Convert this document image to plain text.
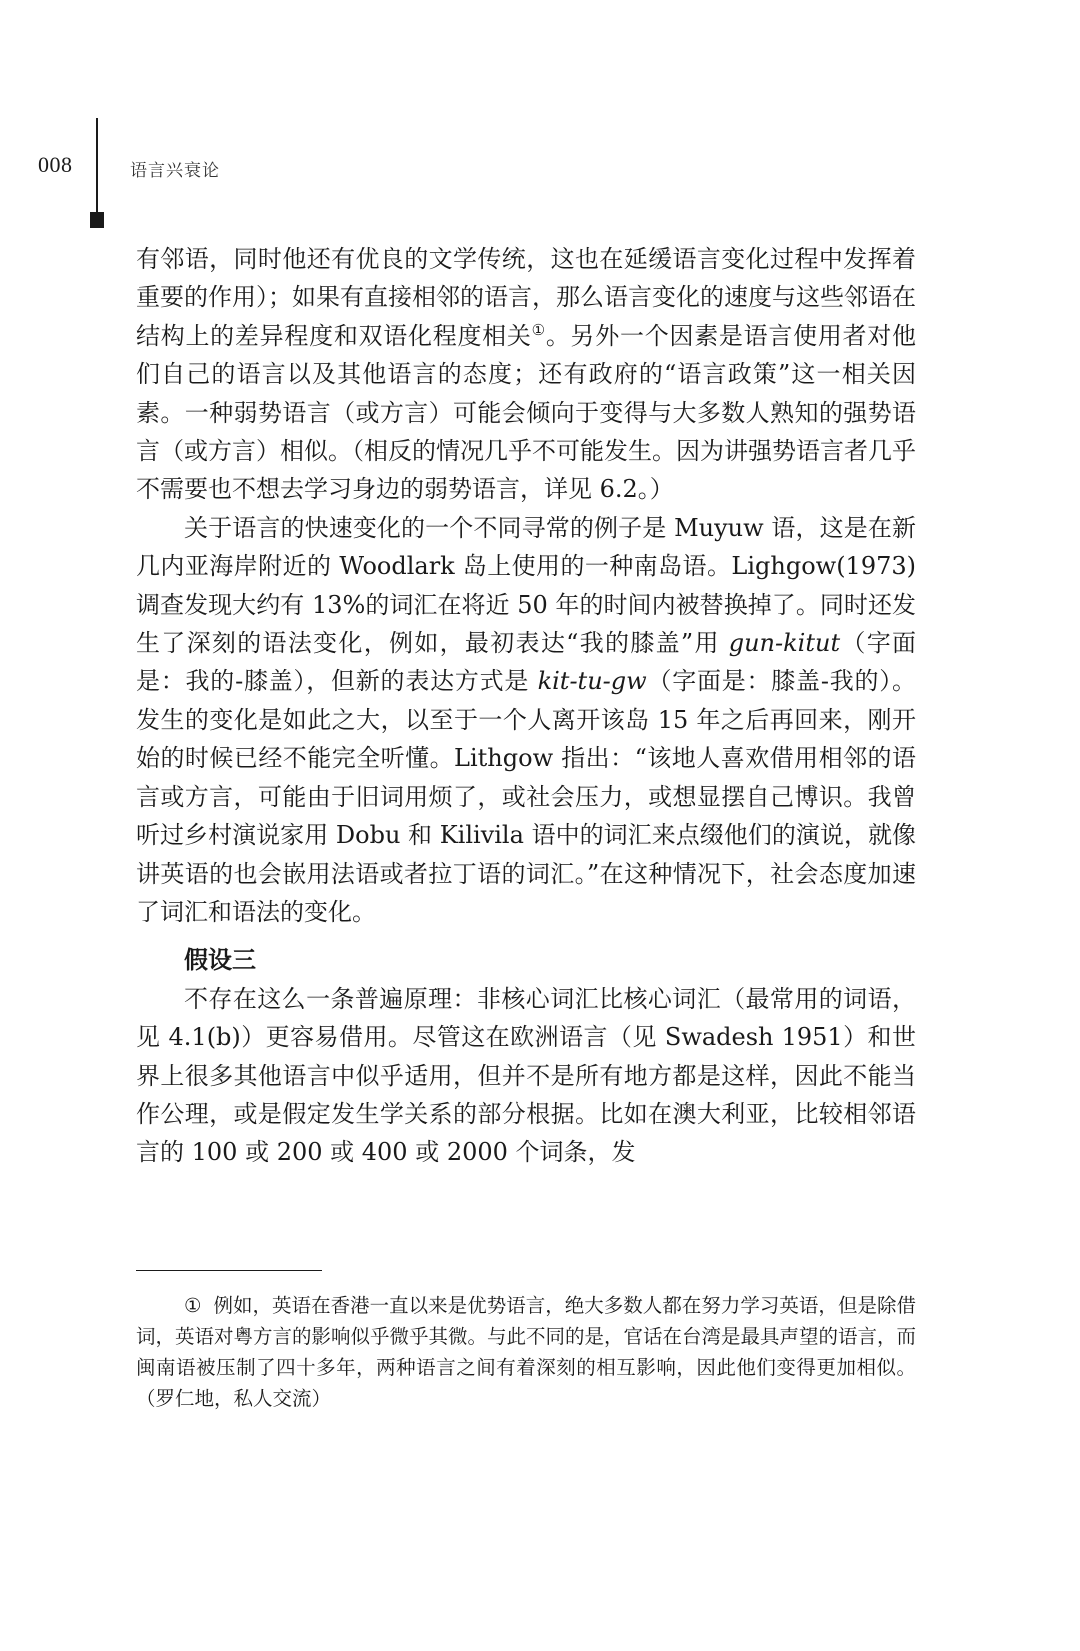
008	语言兴衰论

有邻语，同时他还有优良的文学传统，这也在延缓语言变化过程中发挥着重要的作用）；如果有直接相邻的语言，那么语言变化的速度与这些邻语在结构上的差异程度和双语化程度相关①。另外一个因素是语言使用者对他们自己的语言以及其他语言的态度；还有政府的“语言政策”这一相关因素。一种弱势语言（或方言）可能会倾向于变得与大多数人熟知的强势语言（或方言）相似。（相反的情况几乎不可能发生。因为讲强势语言者几乎不需要也不想去学习身边的弱势语言，详见 6.2。）

关于语言的快速变化的一个不同寻常的例子是 Muyuw 语，这是在新几内亚海岸附近的 Woodlark 岛上使用的一种南岛语。Lighgow(1973)调查发现大约有 13%的词汇在将近 50 年的时间内被替换掉了。同时还发生了深刻的语法变化，例如，最初表达“我的膝盖”用 gun-kitut（字面是：我的-膝盖），但新的表达方式是 kit-tu-gw（字面是：膝盖-我的）。发生的变化是如此之大，以至于一个人离开该岛 15 年之后再回来，刚开始的时候已经不能完全听懂。Lithgow 指出：“该地人喜欢借用相邻的语言或方言，可能由于旧词用烦了，或社会压力，或想显摆自己博识。我曾听过乡村演说家用 Dobu 和 Kilivila 语中的词汇来点缀他们的演说，就像讲英语的也会嵌用法语或者拉丁语的词汇。”在这种情况下，社会态度加速了词汇和语法的变化。

假设三

不存在这么一条普遍原理：非核心词汇比核心词汇（最常用的词语，见 4.1(b)）更容易借用。尽管这在欧洲语言（见 Swadesh 1951）和世界上很多其他语言中似乎适用，但并不是所有地方都是这样，因此不能当作公理，或是假定发生学关系的部分根据。比如在澳大利亚，比较相邻语言的 100 或 200 或 400 或 2000 个词条，发

① 例如，英语在香港一直以来是优势语言，绝大多数人都在努力学习英语，但是除借词，英语对粤方言的影响似乎微乎其微。与此不同的是，官话在台湾是最具声望的语言，而闽南语被压制了四十多年，两种语言之间有着深刻的相互影响，因此他们变得更加相似。（罗仁地，私人交流）
